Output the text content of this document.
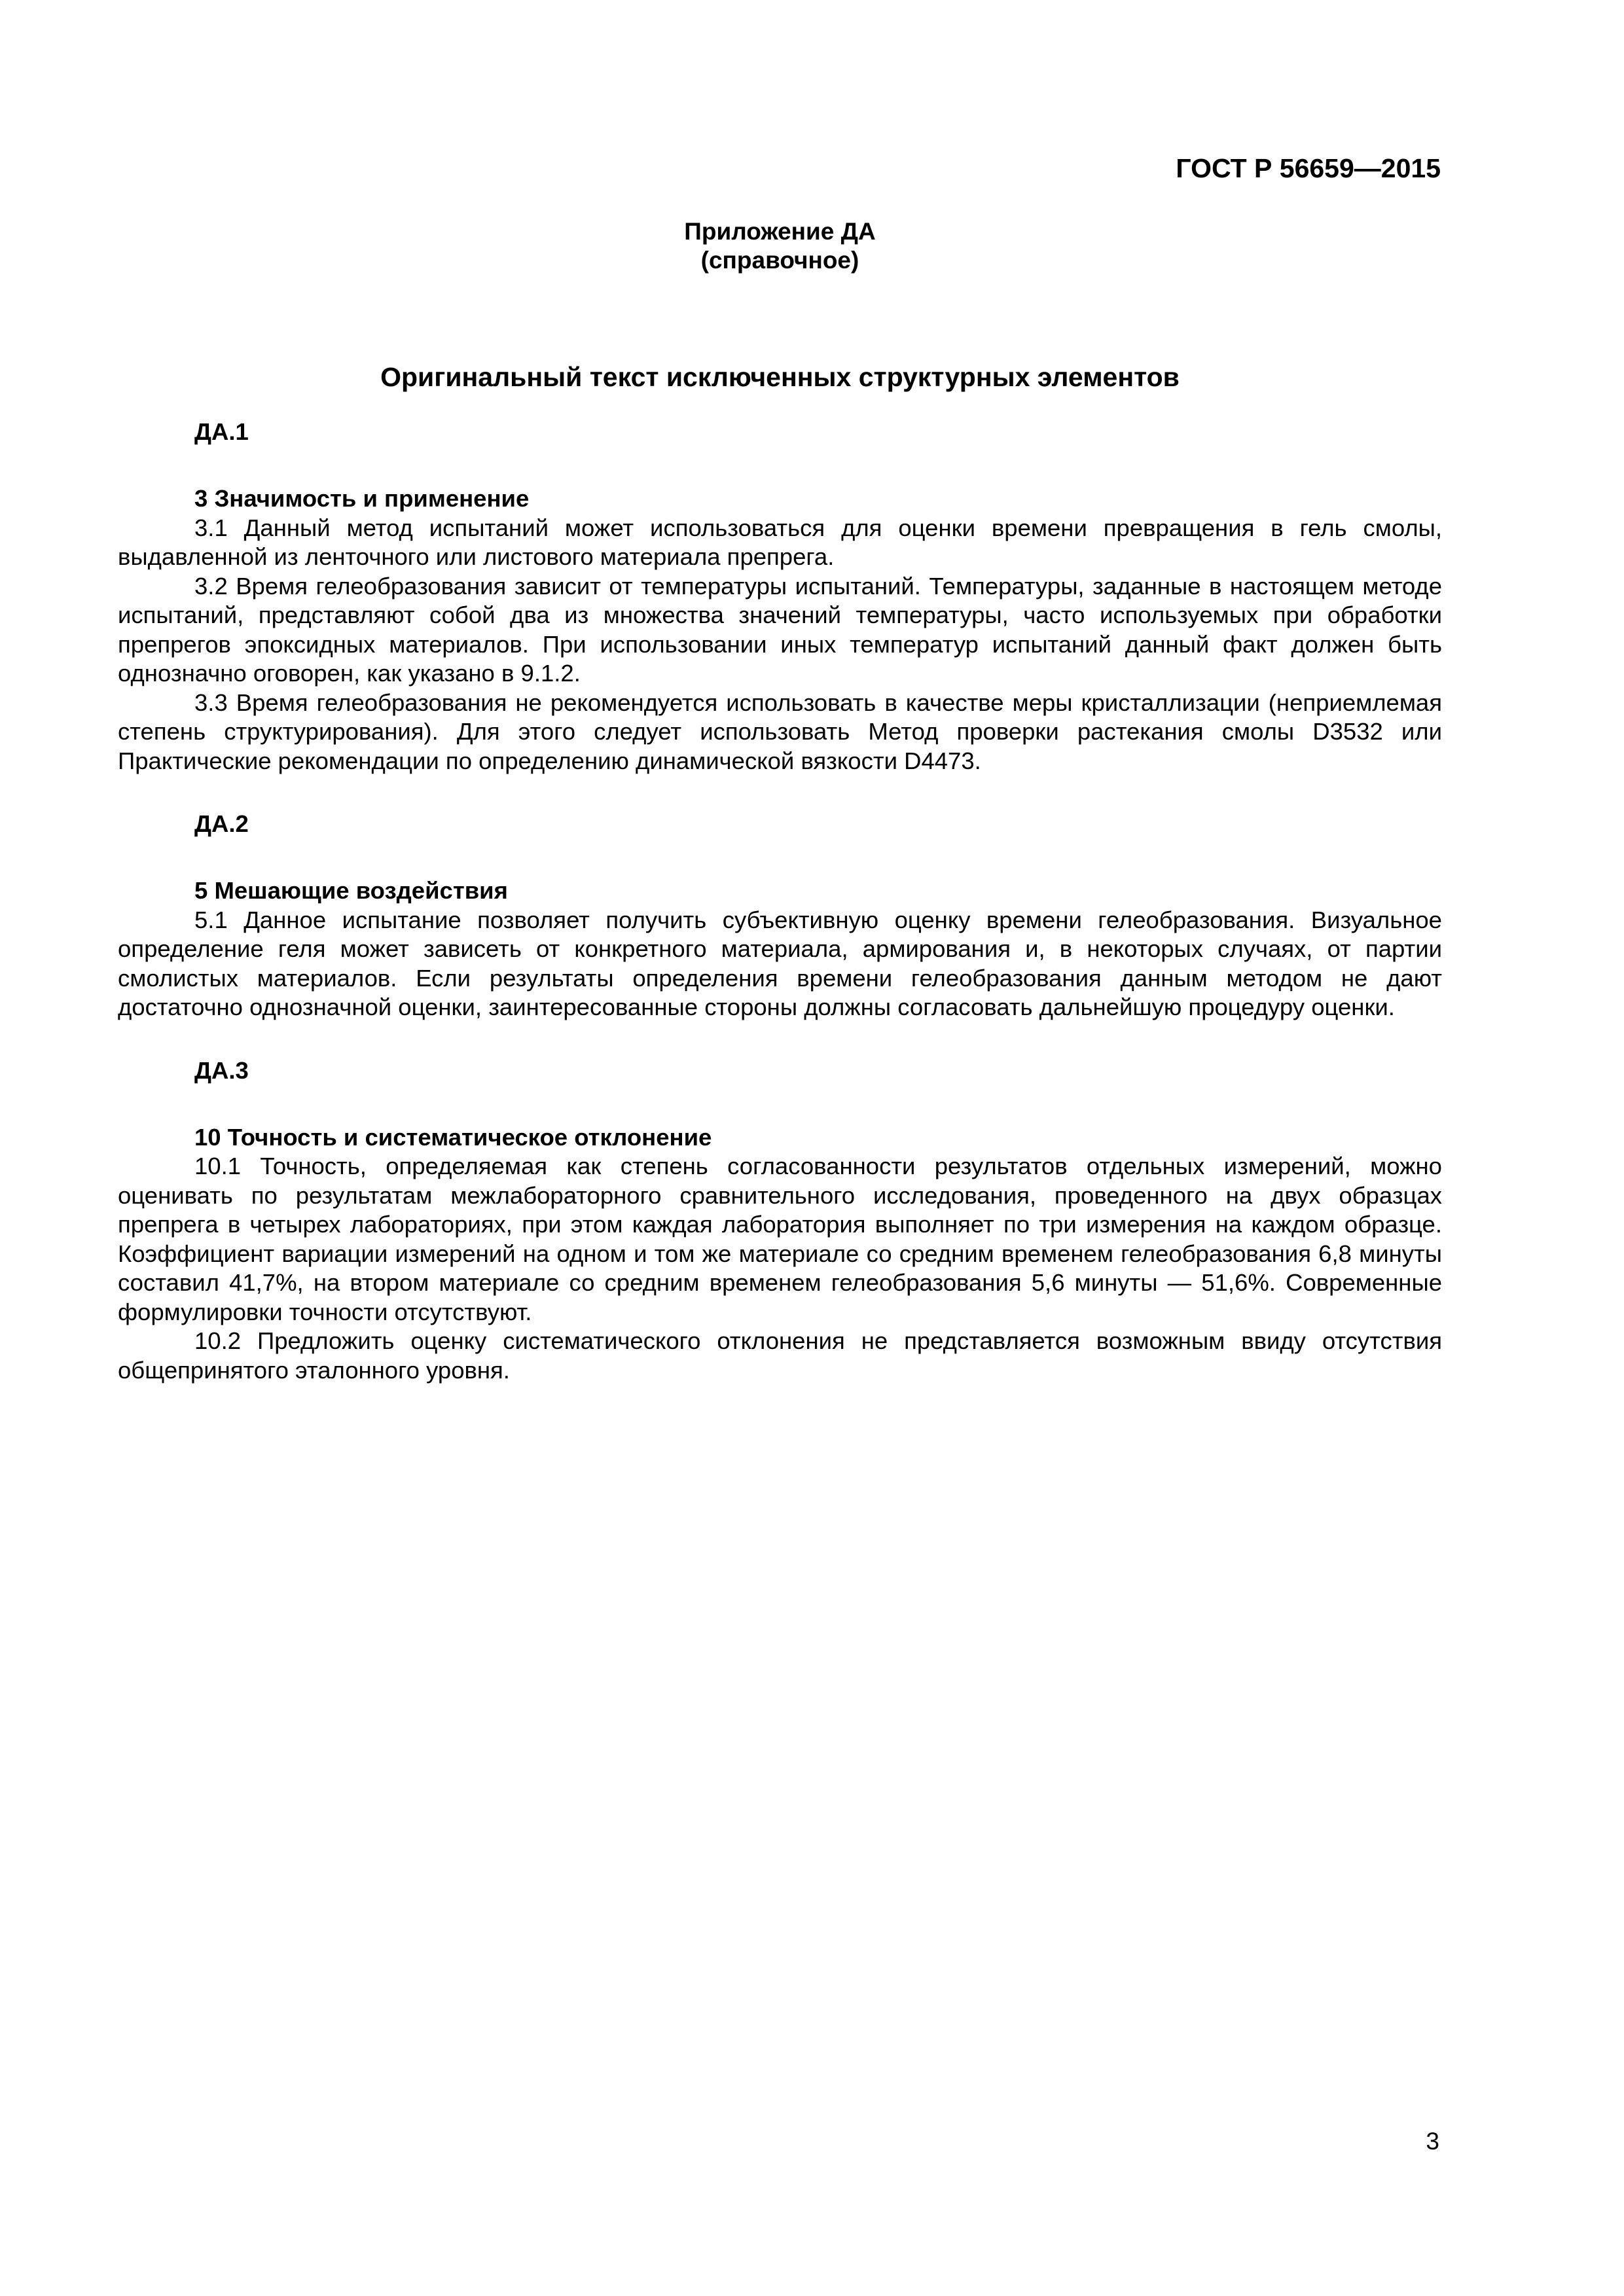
ГОСТ Р 56659—2015
Приложение ДА
(справочное)
Оригинальный текст исключенных структурных элементов
ДА.1
3 Значимость и применение

3.1 Данный метод испытаний может использоваться для оценки времени превращения в гель смолы, выдавленной из ленточного или листового материала препрега.

3.2 Время гелеобразования зависит от температуры испытаний. Температуры, заданные в настоящем методе испытаний, представляют собой два из множества значений температуры, часто используемых при обработки препрегов эпоксидных материалов. При использовании иных температур испытаний данный факт должен быть однозначно оговорен, как указано в 9.1.2.

3.3 Время гелеобразования не рекомендуется использовать в качестве меры кристаллизации (неприемлемая степень структурирования). Для этого следует использовать Метод проверки растекания смолы D3532 или Практические рекомендации по определению динамической вязкости D4473.

ДА.2
5 Мешающие воздействия

5.1 Данное испытание позволяет получить субъективную оценку времени гелеобразования. Визуальное определение геля может зависеть от конкретного материала, армирования и, в некоторых случаях, от партии смолистых материалов. Если результаты определения времени гелеобразования данным методом не дают достаточно однозначной оценки, заинтересованные стороны должны согласовать дальнейшую процедуру оценки.

ДА.3
10 Точность и систематическое отклонение

10.1 Точность, определяемая как степень согласованности результатов отдельных измерений, можно оценивать по результатам межлабораторного сравнительного исследования, проведенного на двух образцах препрега в четырех лабораториях, при этом каждая лаборатория выполняет по три измерения на каждом образце. Коэффициент вариации измерений на одном и том же материале со средним временем гелеобразования 6,8 минуты составил 41,7%, на втором материале со средним временем гелеобразования 5,6 минуты — 51,6%. Современные формулировки точности отсутствуют.

10.2 Предложить оценку систематического отклонения не представляется возможным ввиду отсутствия общепринятого эталонного уровня.

3
